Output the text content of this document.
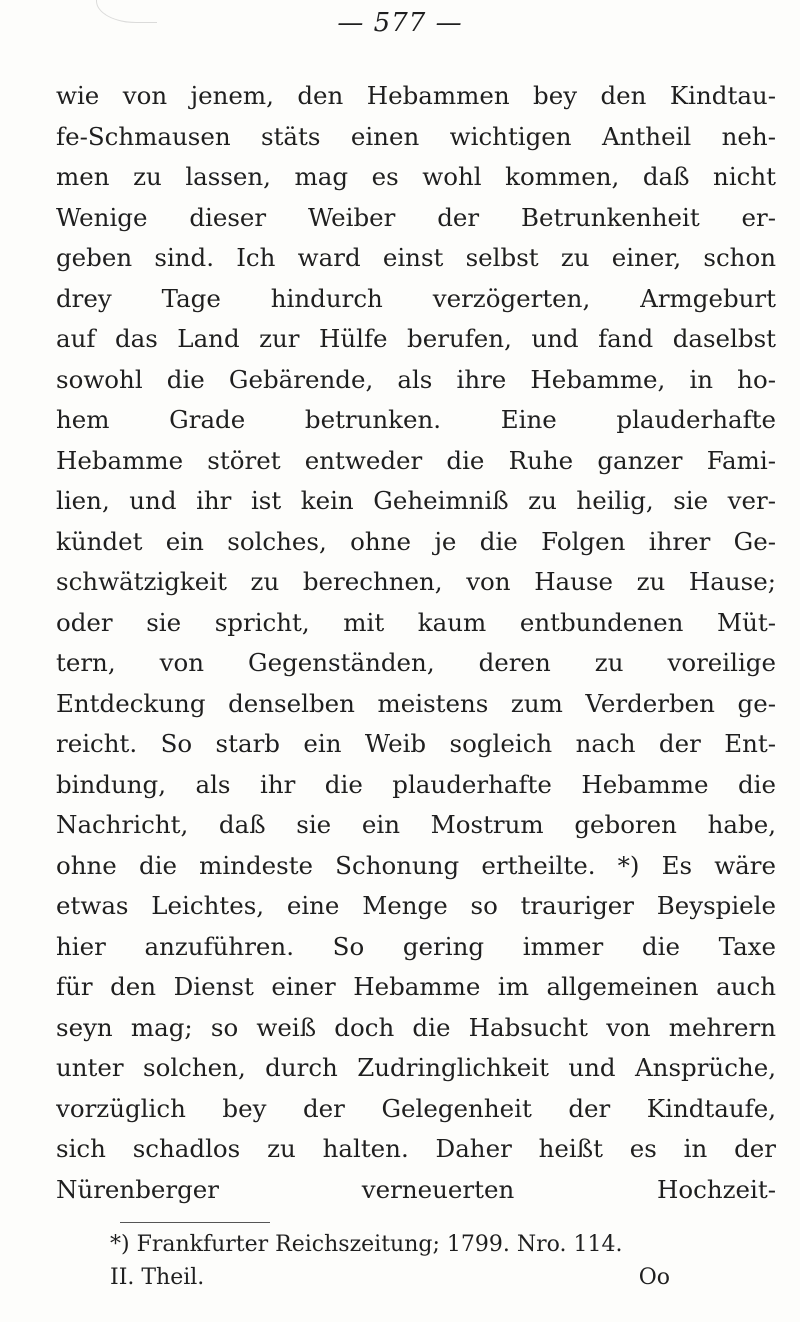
— 577 —
wie von jenem, den Hebammen bey den Kindtau-
fe-Schmausen stäts einen wichtigen Antheil neh-
men zu lassen, mag es wohl kommen, daß nicht
Wenige dieser Weiber der Betrunkenheit er-
geben sind. Ich ward einst selbst zu einer, schon
drey Tage hindurch verzögerten, Armgeburt
auf das Land zur Hülfe berufen, und fand daselbst
sowohl die Gebärende, als ihre Hebamme, in ho-
hem Grade betrunken. Eine plauderhafte
Hebamme störet entweder die Ruhe ganzer Fami-
lien, und ihr ist kein Geheimniß zu heilig, sie ver-
kündet ein solches, ohne je die Folgen ihrer Ge-
schwätzigkeit zu berechnen, von Hause zu Hause;
oder sie spricht, mit kaum entbundenen Müt-
tern, von Gegenständen, deren zu voreilige
Entdeckung denselben meistens zum Verderben ge-
reicht. So starb ein Weib sogleich nach der Ent-
bindung, als ihr die plauderhafte Hebamme die
Nachricht, daß sie ein Mostrum geboren habe,
ohne die mindeste Schonung ertheilte. *) Es wäre
etwas Leichtes, eine Menge so trauriger Beyspiele
hier anzuführen. So gering immer die Taxe
für den Dienst einer Hebamme im allgemeinen auch
seyn mag; so weiß doch die Habsucht von mehrern
unter solchen, durch Zudringlichkeit und Ansprüche,
vorzüglich bey der Gelegenheit der Kindtaufe,
sich schadlos zu halten. Daher heißt es in der
Nürenberger verneuerten Hochzeit-
*) Frankfurter Reichszeitung; 1799. Nro. 114.
II. Theil.	Oo
